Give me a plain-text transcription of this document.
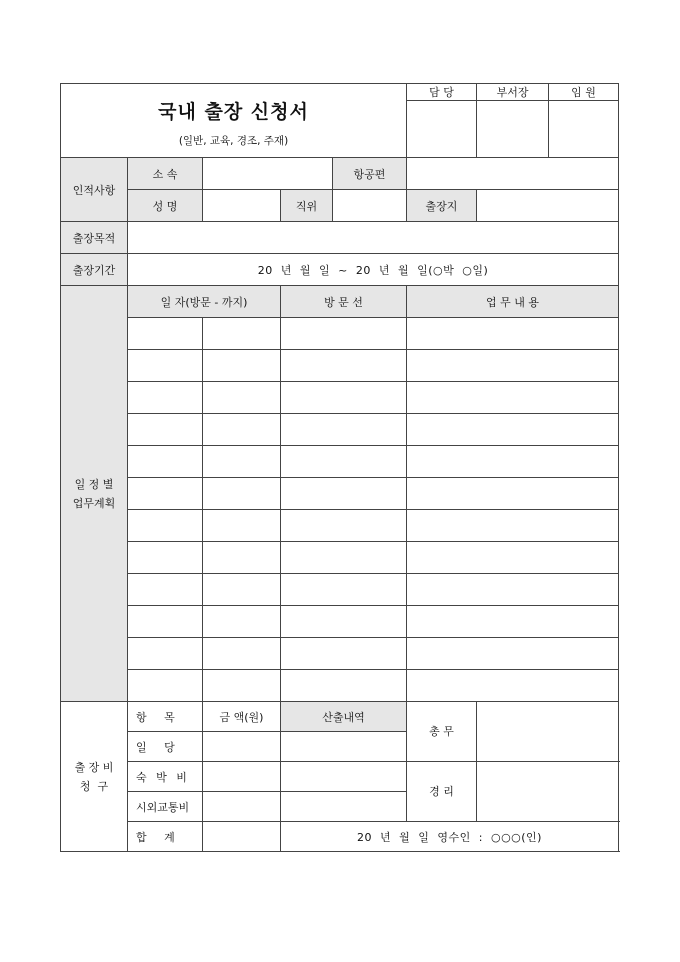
국내 출장 신청서
(일반, 교육, 경조, 주재)					담 당	부서장	임 원

인적사항	소 속			항공편			
	성 명		직위		출장지		
출장목적							
출장기간	20 년 월 일 ~ 20 년 월 일(○박 ○일)						

일 정 별
업무계획	일 자(방문 - 까지)		방 문 선		업 무 내 용		

출 장 비
청  구	항 목	금 액(원)	산출내역		총 무		
	일 당						
	숙 박 비				경 리		
	시외교통비						
	합 계		20 년 월 일 영수인 : ○○○(인)				
